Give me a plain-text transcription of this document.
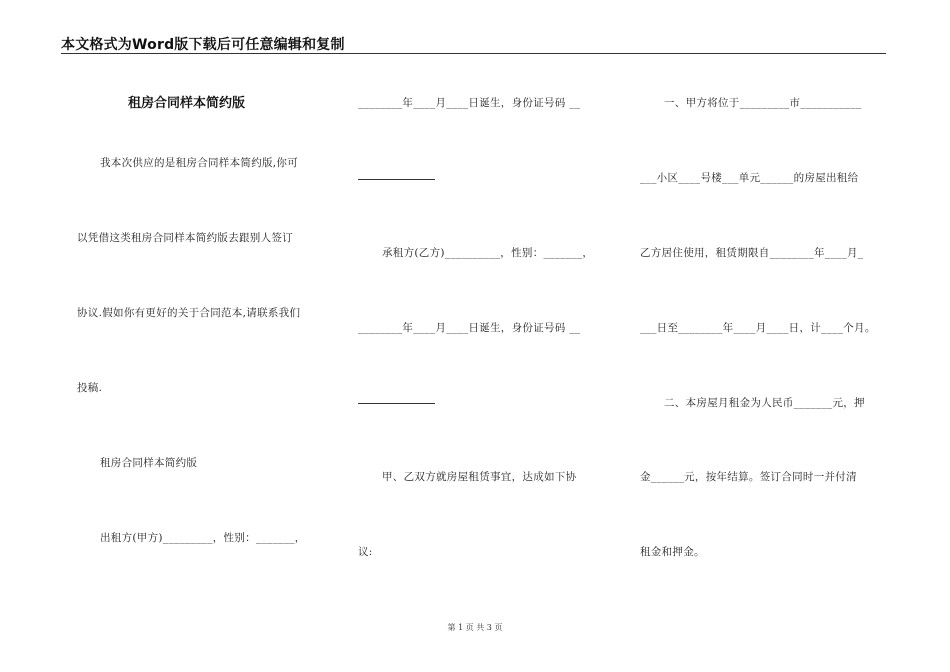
本文格式为Word版下载后可任意编辑和复制
租房合同样本简约版
我本次供应的是租房合同样本简约版,你可
以凭借这类租房合同样本简约版去跟别人签订
协议.假如你有更好的关于合同范本,请联系我们
投稿.
租房合同样本简约版
出租方(甲方)_________，性别：_______，
________年____月____日诞生，身份证号码 __
承租方(乙方)__________，性别：_______，
________年____月____日诞生，身份证号码 __
甲、乙双方就房屋租赁事宜，达成如下协
议:
一、甲方将位于_________市___________
___小区____号楼___单元______的房屋出租给
乙方居住使用，租赁期限自________年____月_
___日至________年____月____日，计____个月。
二、本房屋月租金为人民币_______元，押
金______元，按年结算。签订合同时一并付清
租金和押金。
第 1 页 共 3 页
